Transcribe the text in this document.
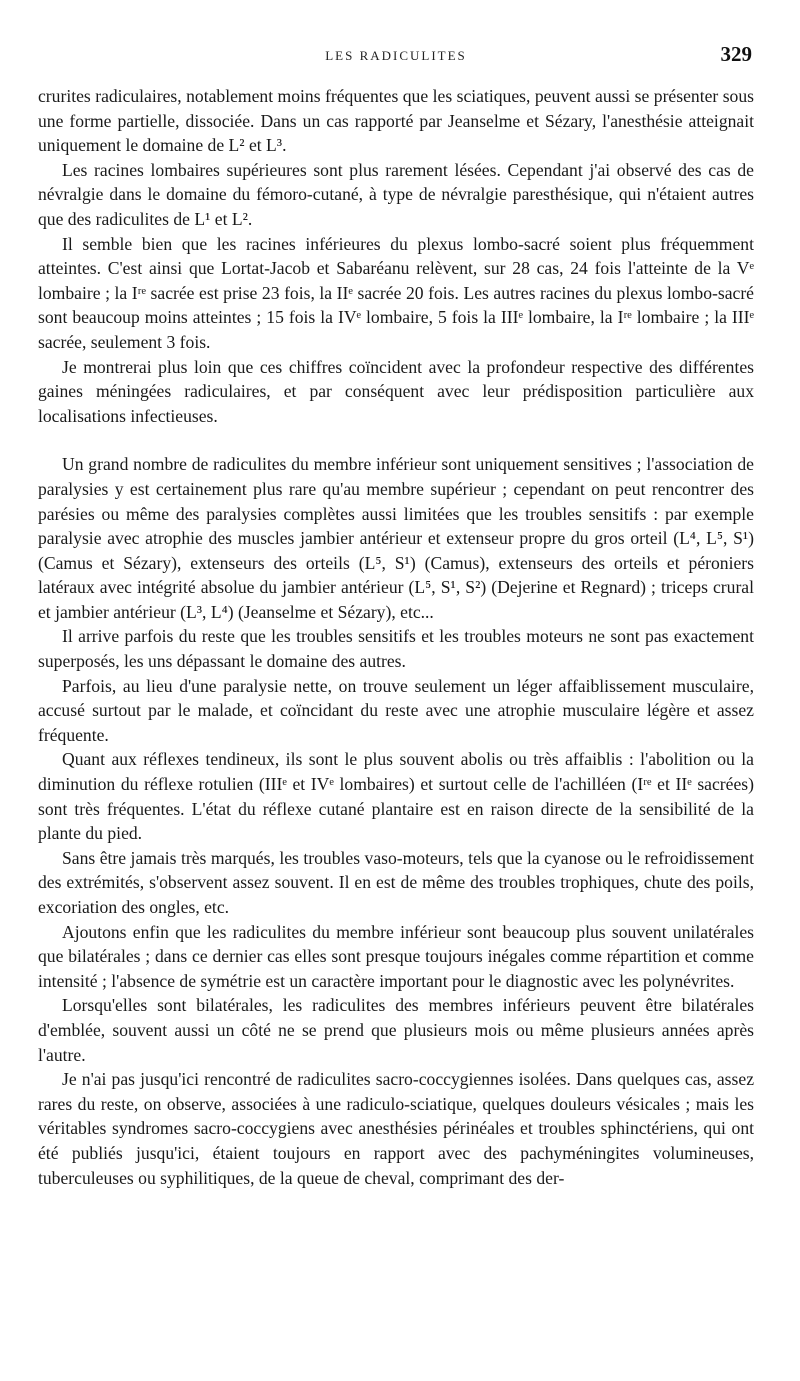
LES RADICULITES	329

crurites radiculaires, notablement moins fréquentes que les sciatiques, peuvent aussi se présenter sous une forme partielle, dissociée. Dans un cas rapporté par Jeanselme et Sézary, l'anesthésie atteignait uniquement le domaine de L² et L³.

Les racines lombaires supérieures sont plus rarement lésées. Cependant j'ai observé des cas de névralgie dans le domaine du fémoro-cutané, à type de névralgie paresthésique, qui n'étaient autres que des radiculites de L¹ et L².

Il semble bien que les racines inférieures du plexus lombo-sacré soient plus fréquemment atteintes. C'est ainsi que Lortat-Jacob et Sabaréanu relèvent, sur 28 cas, 24 fois l'atteinte de la Vᵉ lombaire ; la Iʳᵉ sacrée est prise 23 fois, la IIᵉ sacrée 20 fois. Les autres racines du plexus lombo-sacré sont beaucoup moins atteintes ; 15 fois la IVᵉ lombaire, 5 fois la IIIᵉ lombaire, la Iʳᵉ lombaire ; la IIIᵉ sacrée, seulement 3 fois.

Je montrerai plus loin que ces chiffres coïncident avec la profondeur respective des différentes gaines méningées radiculaires, et par conséquent avec leur prédisposition particulière aux localisations infectieuses.

Un grand nombre de radiculites du membre inférieur sont uniquement sensitives ; l'association de paralysies y est certainement plus rare qu'au membre supérieur ; cependant on peut rencontrer des parésies ou même des paralysies complètes aussi limitées que les troubles sensitifs : par exemple paralysie avec atrophie des muscles jambier antérieur et extenseur propre du gros orteil (L⁴, L⁵, S¹) (Camus et Sézary), extenseurs des orteils (L⁵, S¹) (Camus), extenseurs des orteils et péroniers latéraux avec intégrité absolue du jambier antérieur (L⁵, S¹, S²) (Dejerine et Regnard) ; triceps crural et jambier antérieur (L³, L⁴) (Jeanselme et Sézary), etc...

Il arrive parfois du reste que les troubles sensitifs et les troubles moteurs ne sont pas exactement superposés, les uns dépassant le domaine des autres.

Parfois, au lieu d'une paralysie nette, on trouve seulement un léger affaiblissement musculaire, accusé surtout par le malade, et coïncidant du reste avec une atrophie musculaire légère et assez fréquente.

Quant aux réflexes tendineux, ils sont le plus souvent abolis ou très affaiblis : l'abolition ou la diminution du réflexe rotulien (IIIᵉ et IVᵉ lombaires) et surtout celle de l'achilléen (Iʳᵉ et IIᵉ sacrées) sont très fréquentes. L'état du réflexe cutané plantaire est en raison directe de la sensibilité de la plante du pied.

Sans être jamais très marqués, les troubles vaso-moteurs, tels que la cyanose ou le refroidissement des extrémités, s'observent assez souvent. Il en est de même des troubles trophiques, chute des poils, excoriation des ongles, etc.

Ajoutons enfin que les radiculites du membre inférieur sont beaucoup plus souvent unilatérales que bilatérales ; dans ce dernier cas elles sont presque toujours inégales comme répartition et comme intensité ; l'absence de symétrie est un caractère important pour le diagnostic avec les polynévrites.

Lorsqu'elles sont bilatérales, les radiculites des membres inférieurs peuvent être bilatérales d'emblée, souvent aussi un côté ne se prend que plusieurs mois ou même plusieurs années après l'autre.

Je n'ai pas jusqu'ici rencontré de radiculites sacro-coccygiennes isolées. Dans quelques cas, assez rares du reste, on observe, associées à une radiculo-sciatique, quelques douleurs vésicales ; mais les véritables syndromes sacro-coccygiens avec anesthésies périnéales et troubles sphinctériens, qui ont été publiés jusqu'ici, étaient toujours en rapport avec des pachyméningites volumineuses, tuberculeuses ou syphilitiques, de la queue de cheval, comprimant des der-
